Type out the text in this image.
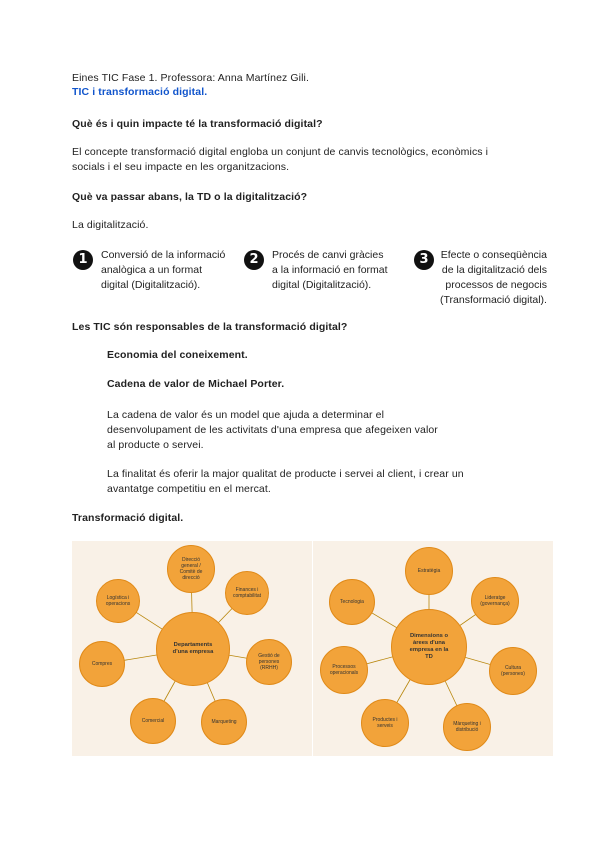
Eines TIC Fase 1. Professora: Anna Martínez Gili.

TIC i transformació digital.

Què és i quin impacte té la transformació digital?

El concepte transformació digital engloba un conjunt de canvis tecnològics, econòmics i
socials i el seu impacte en les organitzacions.

Què va passar abans, la TD o la digitalització?

La digitalització.

1	Conversió de la informació
analògica a un format
digital (Digitalització).
2	Procés de canvi gràcies
a la informació en format
digital (Digitalització).
3	Efecte o conseqüència
de la digitalització dels
processos de negocis
(Transformació digital).

Les TIC són responsables de la transformació digital?

Economia del coneixement.

Cadena de valor de Michael Porter.

La cadena de valor és un model que ajuda a determinar el
desenvolupament de les activitats d'una empresa que afegeixen valor
al producte o servei.
La finalitat és oferir la major qualitat de producte i servei al client, i crear un
avantatge competitiu en el mercat.

Transformació digital.

Departaments
d'una empresa
Direcció
general /
Comitè de
direcció
Finances i
comptabilitat
Gestió de
persones
(RRHH)
Marqueting
Comercial
Compres
Logística i
operacions
Dimensions o
àrees d'una
empresa en la
TD
Estratègia
Lideratge
(governança)
Cultura
(persones)
Màrqueting i
distribució
Productes i
serveis
Processos
operacionals
Tecnologia
